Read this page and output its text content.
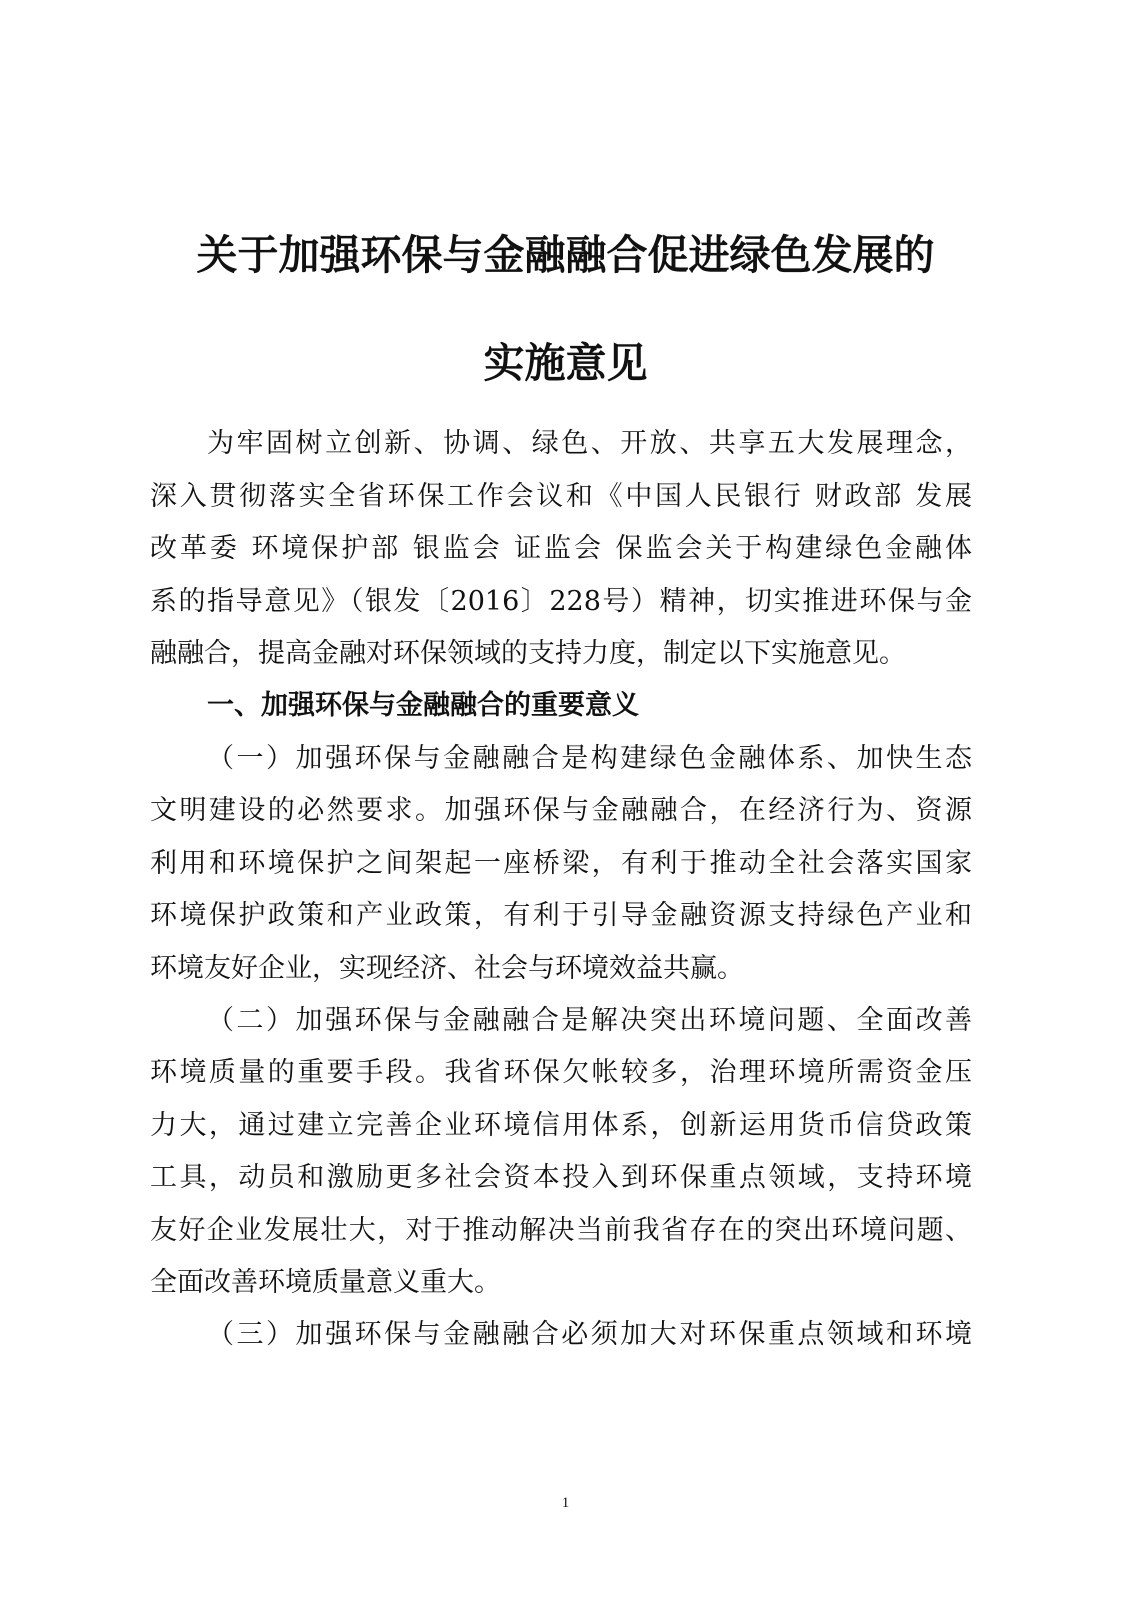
关于加强环保与金融融合促进绿色发展的
实施意见

为牢固树立创新、协调、绿色、开放、共享五大发展理念，

深入贯彻落实全省环保工作会议和《中国人民银行 财政部 发展

改革委 环境保护部 银监会 证监会 保监会关于构建绿色金融体

系的指导意见》（银发〔2016〕228号）精神，切实推进环保与金

融融合，提高金融对环保领域的支持力度，制定以下实施意见。

一、加强环保与金融融合的重要意义

（一）加强环保与金融融合是构建绿色金融体系、加快生态

文明建设的必然要求。加强环保与金融融合，在经济行为、资源

利用和环境保护之间架起一座桥梁，有利于推动全社会落实国家

环境保护政策和产业政策，有利于引导金融资源支持绿色产业和

环境友好企业，实现经济、社会与环境效益共赢。

（二）加强环保与金融融合是解决突出环境问题、全面改善

环境质量的重要手段。我省环保欠帐较多，治理环境所需资金压

力大，通过建立完善企业环境信用体系，创新运用货币信贷政策

工具，动员和激励更多社会资本投入到环保重点领域，支持环境

友好企业发展壮大，对于推动解决当前我省存在的突出环境问题、

全面改善环境质量意义重大。

（三）加强环保与金融融合必须加大对环保重点领域和环境

1
